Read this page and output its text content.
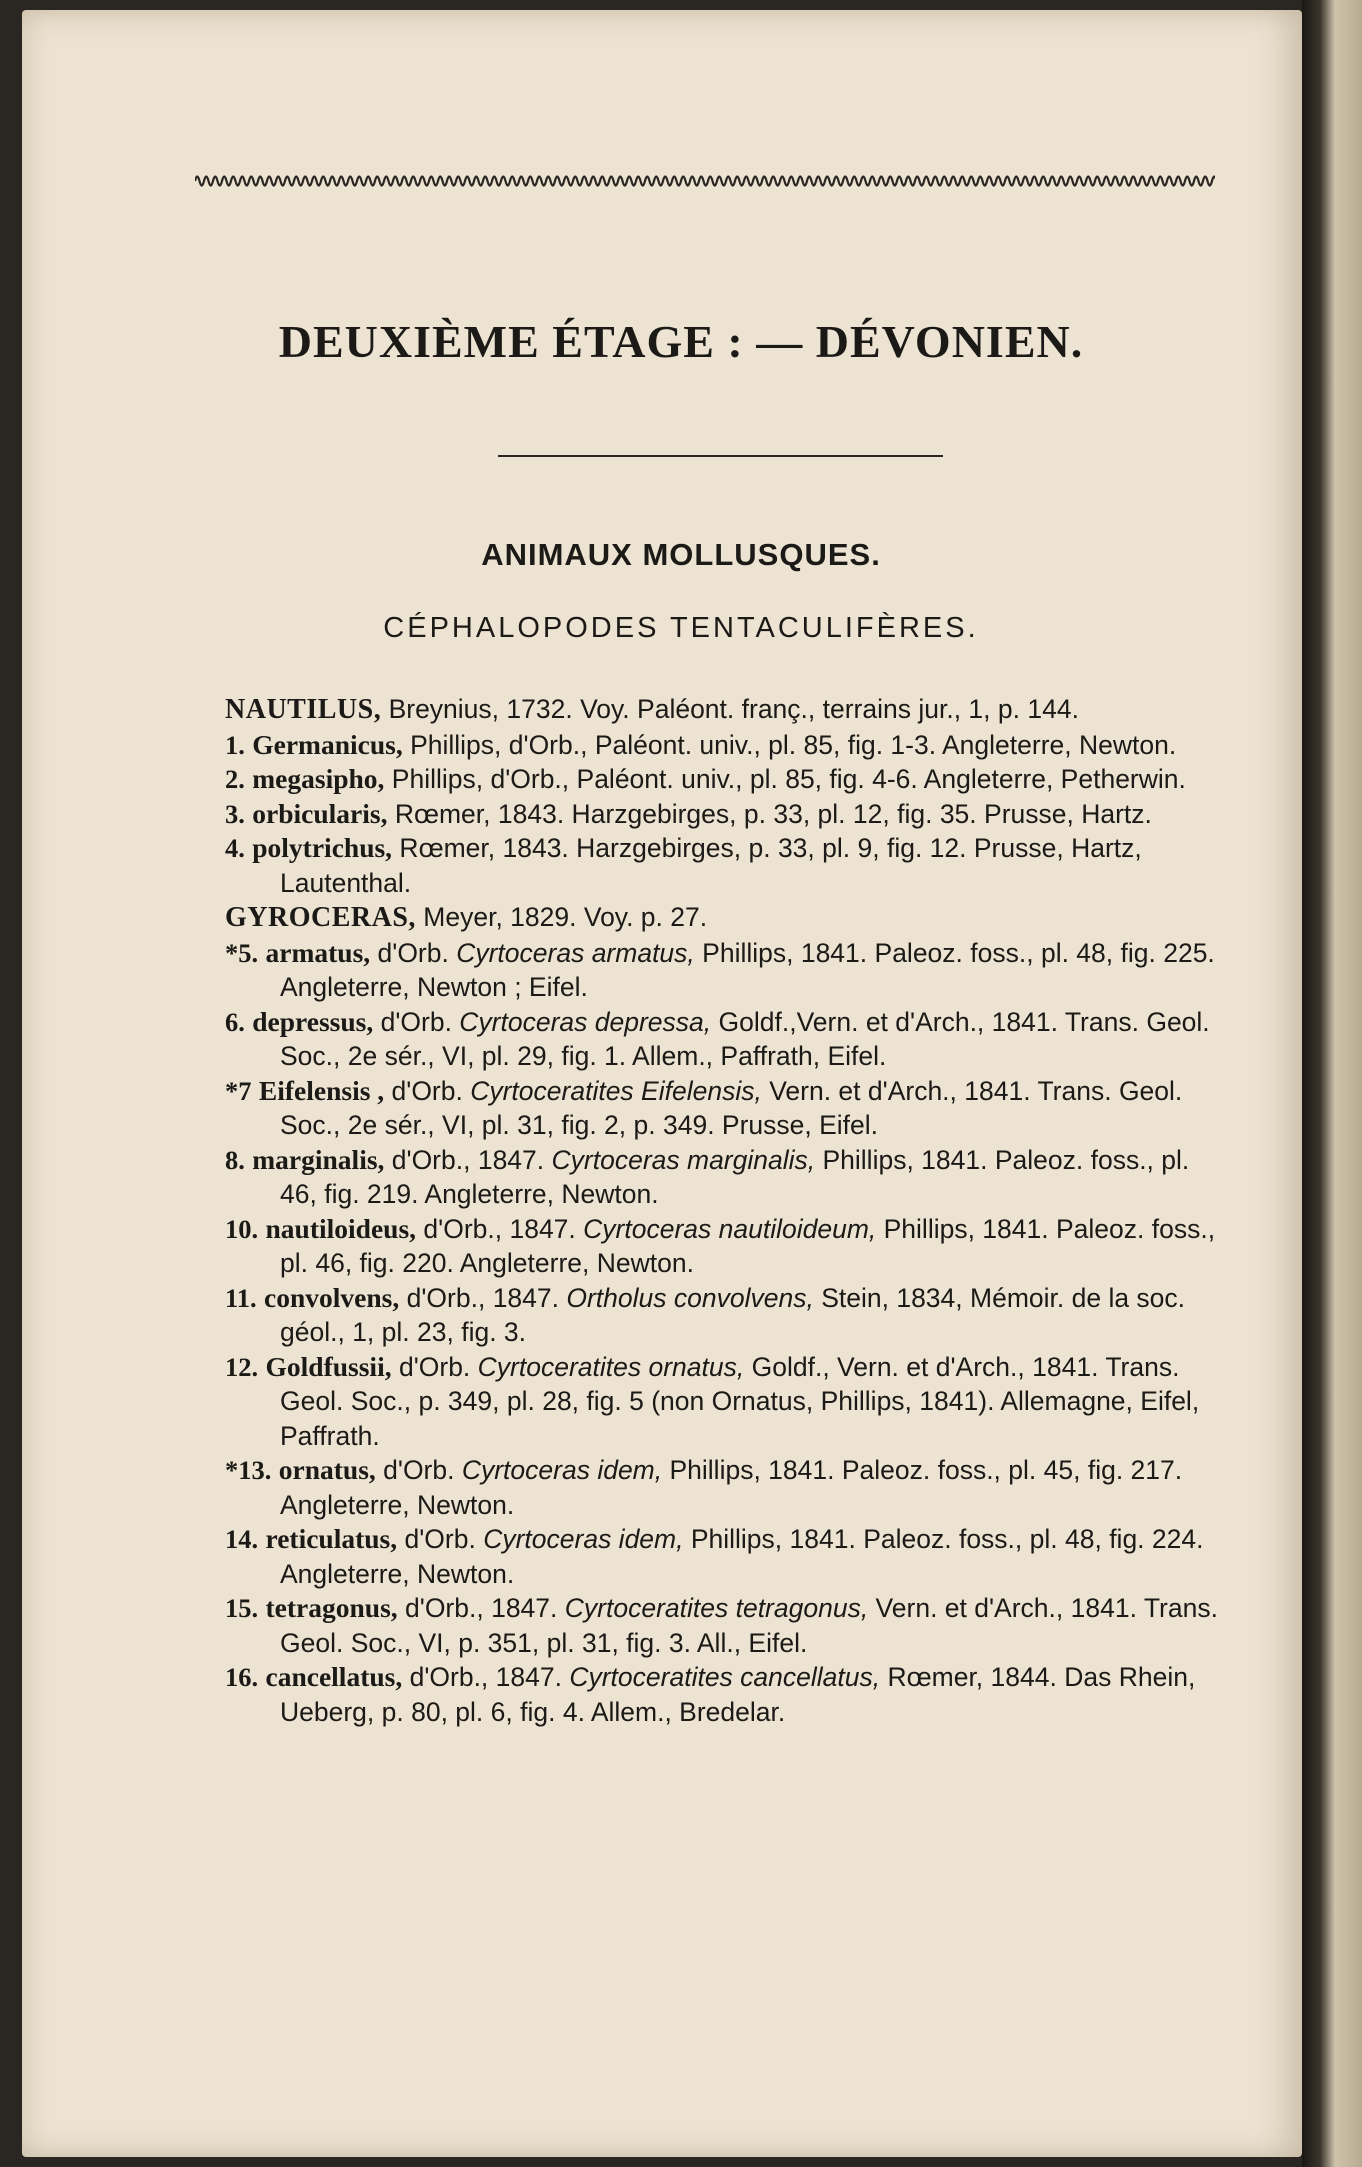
DEUXIÈME ÉTAGE : — DÉVONIEN.
ANIMAUX MOLLUSQUES.
CÉPHALOPODES TENTACULIFÈRES.

NAUTILUS, Breynius, 1732. Voy. Paléont. franç., terrains jur., 1, p. 144.

1. Germanicus, Phillips, d'Orb., Paléont. univ., pl. 85, fig. 1-3. Angleterre, Newton.

2. megasipho, Phillips, d'Orb., Paléont. univ., pl. 85, fig. 4-6. Angleterre, Petherwin.

3. orbicularis, Rœmer, 1843. Harzgebirges, p. 33, pl. 12, fig. 35. Prusse, Hartz.

4. polytrichus, Rœmer, 1843. Harzgebirges, p. 33, pl. 9, fig. 12. Prusse, Hartz, Lautenthal.

GYROCERAS, Meyer, 1829. Voy. p. 27.

*5. armatus, d'Orb. Cyrtoceras armatus, Phillips, 1841. Paleoz. foss., pl. 48, fig. 225. Angleterre, Newton ; Eifel.

6. depressus, d'Orb. Cyrtoceras depressa, Goldf.,Vern. et d'Arch., 1841. Trans. Geol. Soc., 2e sér., VI, pl. 29, fig. 1. Allem., Paffrath, Eifel.

*7 Eifelensis , d'Orb. Cyrtoceratites Eifelensis, Vern. et d'Arch., 1841. Trans. Geol. Soc., 2e sér., VI, pl. 31, fig. 2, p. 349. Prusse, Eifel.

8. marginalis, d'Orb., 1847. Cyrtoceras marginalis, Phillips, 1841. Paleoz. foss., pl. 46, fig. 219. Angleterre, Newton.

10. nautiloideus, d'Orb., 1847. Cyrtoceras nautiloideum, Phillips, 1841. Paleoz. foss., pl. 46, fig. 220. Angleterre, Newton.

11. convolvens, d'Orb., 1847. Ortholus convolvens, Stein, 1834, Mémoir. de la soc. géol., 1, pl. 23, fig. 3.

12. Goldfussii, d'Orb. Cyrtoceratites ornatus, Goldf., Vern. et d'Arch., 1841. Trans. Geol. Soc., p. 349, pl. 28, fig. 5 (non Ornatus, Phillips, 1841). Allemagne, Eifel, Paffrath.

*13. ornatus, d'Orb. Cyrtoceras idem, Phillips, 1841. Paleoz. foss., pl. 45, fig. 217. Angleterre, Newton.

14. reticulatus, d'Orb. Cyrtoceras idem, Phillips, 1841. Paleoz. foss., pl. 48, fig. 224. Angleterre, Newton.

15. tetragonus, d'Orb., 1847. Cyrtoceratites tetragonus, Vern. et d'Arch., 1841. Trans. Geol. Soc., VI, p. 351, pl. 31, fig. 3. All., Eifel.

16. cancellatus, d'Orb., 1847. Cyrtoceratites cancellatus, Rœmer, 1844. Das Rhein, Ueberg, p. 80, pl. 6, fig. 4. Allem., Bredelar.
